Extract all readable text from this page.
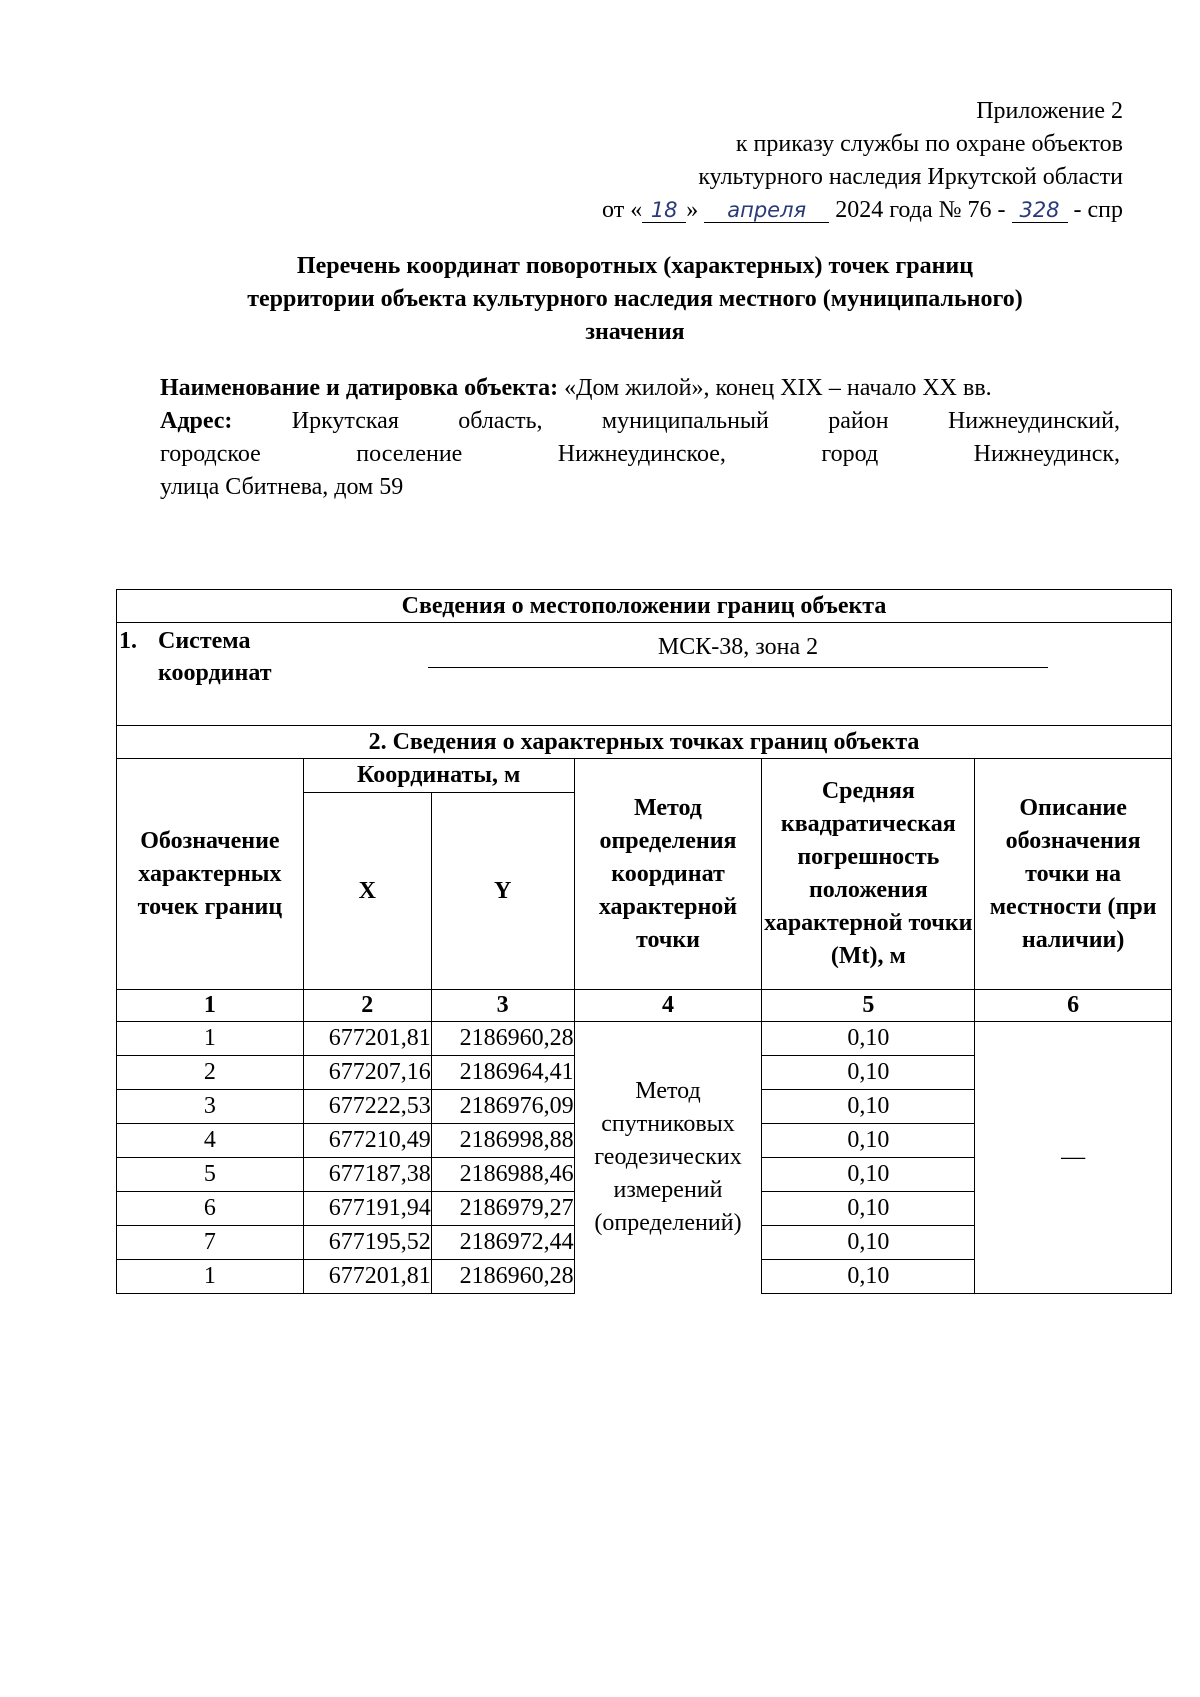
Приложение 2
к приказу службы по охране объектов
культурного наследия Иркутской области
от « 18 » апреля 2024 года № 76 - 328 - спр
Перечень координат поворотных (характерных) точек границ
территории объекта культурного наследия местного (муниципального)
значения

Наименование и датировка объекта: «Дом жилой», конец XIX – начало XX вв.

Адрес: Иркутская область, муниципальный район Нижнеудинский,

городское поселение Нижнеудинское, город Нижнеудинск,

улица Сбитнева, дом 59

Сведения о местоположении границ объекта					

1. Система
координат
МСК-38, зона 2					

2. Сведения о характерных точках границ объекта					
Обозначение характерных точек границ	Координаты, м		Метод определения координат характерной точки	Средняя квадратическая погрешность положения характерной точки (Mt), м	Описание обозначения точки на местности (при наличии)
	X	Y			
1	2	3	4	5	6
1	677201,81	2186960,28	Метод спутниковых геодезических измерений (определений)	0,10	—
2	677207,16	2186964,41		0,10	
3	677222,53	2186976,09		0,10	
4	677210,49	2186998,88		0,10	
5	677187,38	2186988,46		0,10	
6	677191,94	2186979,27		0,10	
7	677195,52	2186972,44		0,10	
1	677201,81	2186960,28		0,10	
